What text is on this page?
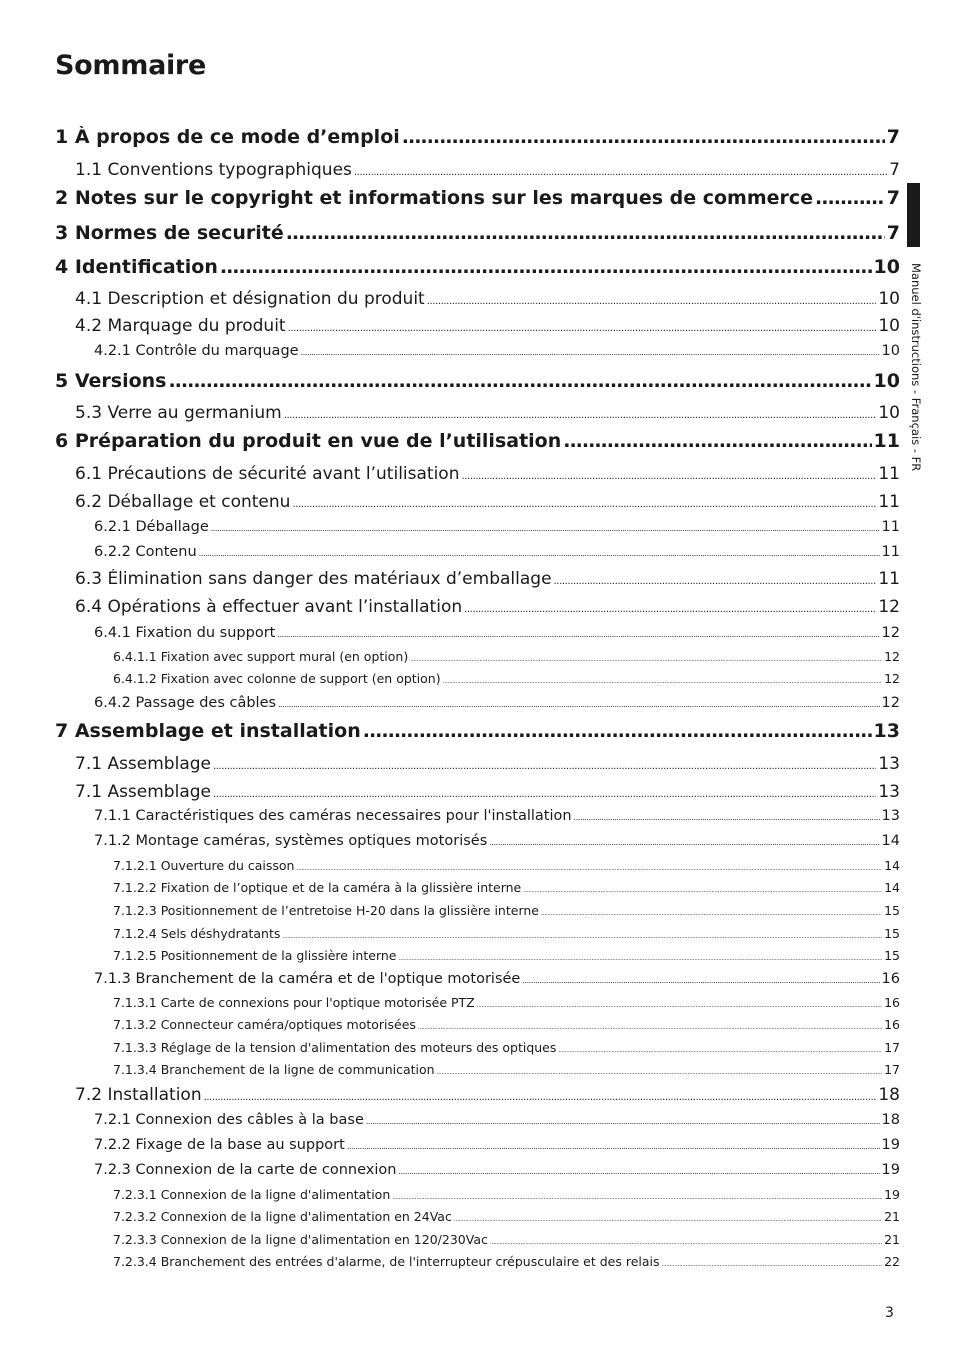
Sommaire
1 À propos de ce mode d’emploi .....	7
1.1 Conventions typographiques .....	7
2 Notes sur le copyright et informations sur les marques de commerce .....	7
3 Normes de securité .....	7
4 Identification .....	10
4.1 Description et désignation du produit .....	10
4.2 Marquage du produit .....	10
4.2.1 Contrôle du marquage .....	10
5 Versions .....	10
5.3 Verre au germanium .....	10
6 Préparation du produit en vue de l’utilisation .....	11
6.1 Précautions de sécurité avant l’utilisation .....	11
6.2 Déballage et contenu .....	11
6.2.1 Déballage .....	11
6.2.2 Contenu .....	11
6.3 Élimination sans danger des matériaux d’emballage .....	11
6.4 Opérations à effectuer avant l’installation .....	12
6.4.1 Fixation du support .....	12
6.4.1.1 Fixation avec support mural (en option) .....	12
6.4.1.2 Fixation avec colonne de support (en option) .....	12
6.4.2 Passage des câbles .....	12
7 Assemblage et installation .....	13
7.1 Assemblage .....	13
7.1 Assemblage .....	13
7.1.1 Caractéristiques des caméras necessaires pour l'installation .....	13
7.1.2 Montage caméras, systèmes optiques motorisés .....	14
7.1.2.1 Ouverture du caisson .....	14
7.1.2.2 Fixation de l’optique et de la caméra à la glissière interne .....	14
7.1.2.3 Positionnement de l’entretoise H-20 dans la glissière interne .....	15
7.1.2.4 Sels déshydratants .....	15
7.1.2.5 Positionnement de la glissière interne .....	15
7.1.3 Branchement de la caméra et de l'optique motorisée .....	16
7.1.3.1 Carte de connexions pour l'optique motorisée PTZ .....	16
7.1.3.2 Connecteur caméra/optiques motorisées .....	16
7.1.3.3 Réglage de la tension d'alimentation des moteurs des optiques .....	17
7.1.3.4 Branchement de la ligne de communication .....	17
7.2 Installation .....	18
7.2.1 Connexion des câbles à la base .....	18
7.2.2 Fixage de la base au support .....	19
7.2.3 Connexion de la carte de connexion .....	19
7.2.3.1 Connexion de la ligne d'alimentation .....	19
7.2.3.2 Connexion de la ligne d'alimentation en 24Vac .....	21
7.2.3.3 Connexion de la ligne d'alimentation en 120/230Vac .....	21
7.2.3.4 Branchement des entrées d'alarme, de l'interrupteur crépusculaire et des relais .....	22
Manuel d'instructions - Français - FR
3
